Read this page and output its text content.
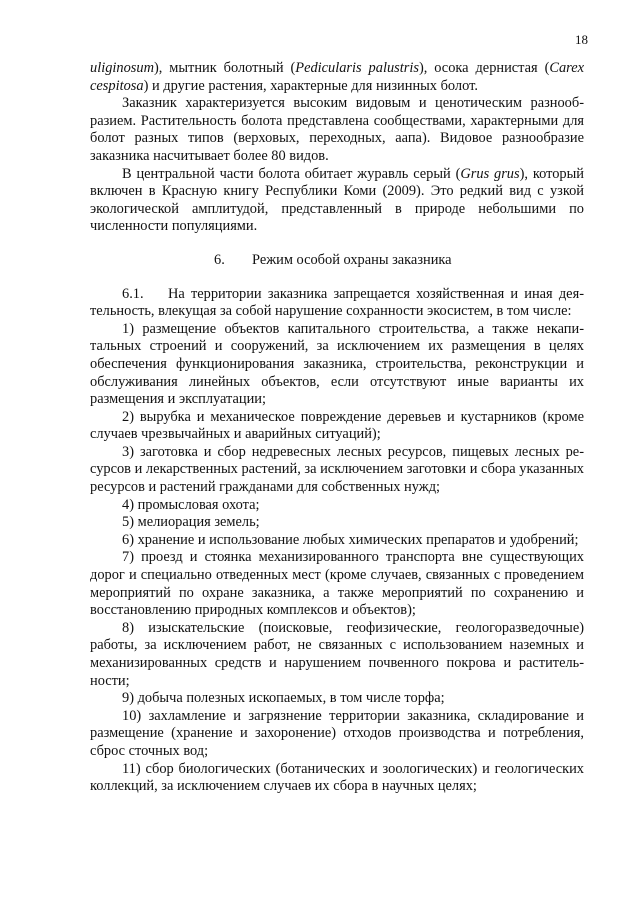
18

uliginosum), мытник болотный (Pedicularis palustris), осока дернистая (Carex cespitosa) и другие растения, характерные для низинных болот.

Заказник характеризуется высоким видовым и ценотическим разнообразием. Растительность болота представлена сообществами, характерными для болот разных типов (верховых, переходных, аапа). Видовое разнообразие заказника насчитывает более 80 видов.

В центральной части болота обитает журавль серый (Grus grus), который включен в Красную книгу Республики Коми (2009). Это редкий вид с узкой экологической амплитудой, представленный в природе небольшими по численности популяциями.

6. Режим особой охраны заказника

6.1. На территории заказника запрещается хозяйственная и иная деятельность, влекущая за собой нарушение сохранности экосистем, в том числе:

1) размещение объектов капитального строительства, а также некапитальных строений и сооружений, за исключением их размещения в целях обеспечения функционирования заказника, строительства, реконструкции и обслуживания линейных объектов, если отсутствуют иные варианты их размещения и эксплуатации;

2) вырубка и механическое повреждение деревьев и кустарников (кроме случаев чрезвычайных и аварийных ситуаций);

3) заготовка и сбор недревесных лесных ресурсов, пищевых лесных ресурсов и лекарственных растений, за исключением заготовки и сбора указанных ресурсов и растений гражданами для собственных нужд;

4) промысловая охота;

5) мелиорация земель;

6) хранение и использование любых химических препаратов и удобрений;

7) проезд и стоянка механизированного транспорта вне существующих дорог и специально отведенных мест (кроме случаев, связанных с проведением мероприятий по охране заказника, а также мероприятий по сохранению и восстановлению природных комплексов и объектов);

8) изыскательские (поисковые, геофизические, геологоразведочные) работы, за исключением работ, не связанных с использованием наземных и механизированных средств и нарушением почвенного покрова и растительности;

9) добыча полезных ископаемых, в том числе торфа;

10) захламление и загрязнение территории заказника, складирование и размещение (хранение и захоронение) отходов производства и потребления, сброс сточных вод;

11) сбор биологических (ботанических и зоологических) и геологических коллекций, за исключением случаев их сбора в научных целях;
